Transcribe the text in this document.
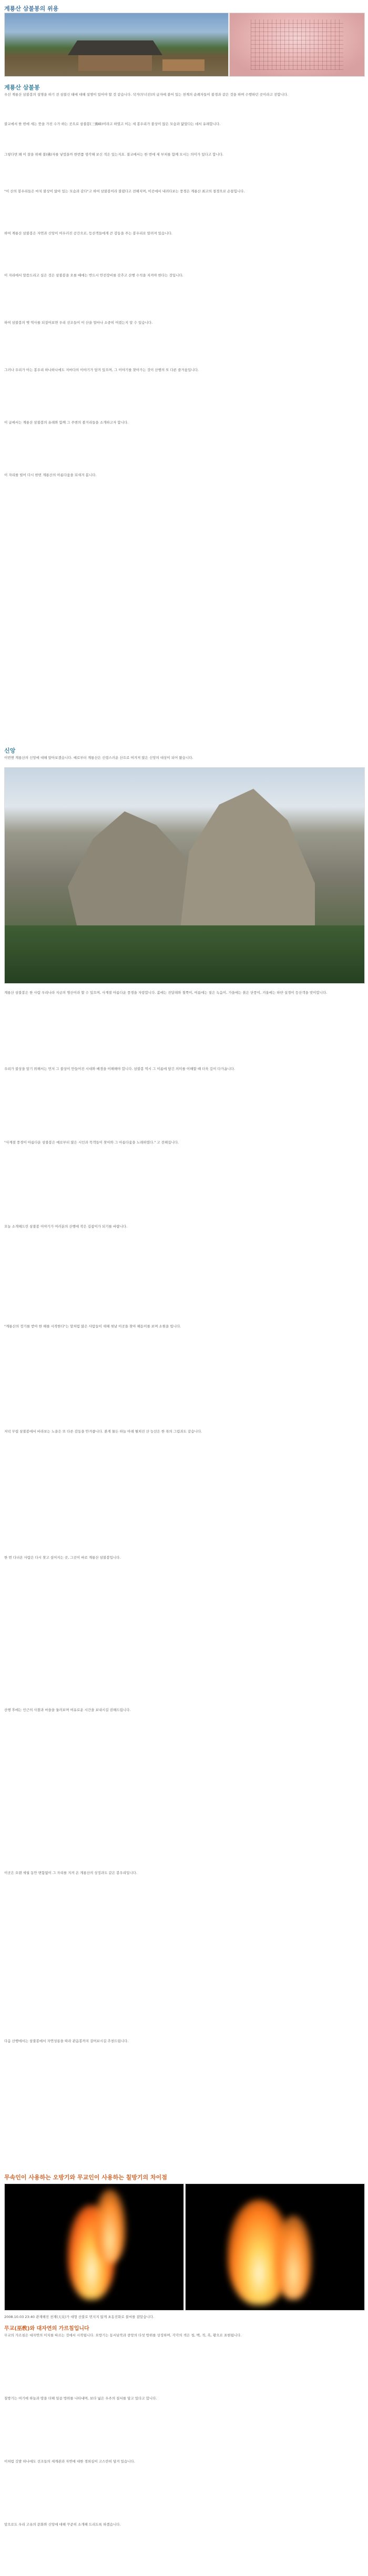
계룡산 삼불봉의 위용
계룡산 삼불봉

우선 계룡산 삼불봉의 설명을 하기 전 삼불신 태에 대해 설명이 있어야 할 것 같습니다. 삭거(무너진)의 글자에 붙어 있는 천계의 순례자들이 불경과 같은 것을 하며 수행하던 곳이라고 전합니다.

불교에서 한 번에 세는 뜻을 가진 수가 하는 곳으로 삼불봉(三佛峰)이라고 하였고 이는 세 봉우리가 불상이 앉은 모습과 닮았다는 데서 유래합니다.

그렇다면 왜 이 잘을 위해 불(佛)자를 넣었을까 한번쯤 생각해 보신 적은 있는지요. 불교에서는 한 번에 세 부처를 함께 모시는 의미가 있다고 합니다.

"이 산의 봉우리들은 마치 불상이 앉아 있는 모습과 같다"고 하여 삼불봉이라 불렸다고 전해지며, 이곳에서 내려다보는 풍경은 계룡산 최고의 절경으로 손꼽힙니다.

하여 계룡산 삼불봉은 자연과 신앙이 어우러진 공간으로, 등산객들에게 큰 감동을 주는 봉우리로 알려져 있습니다.

이 자리에서 말씀드리고 싶은 것은 삼불봉을 오를 때에는 반드시 안전장비를 갖추고 산행 수칙을 지켜야 한다는 것입니다.

하여 삼불봉의 옛 역사를 되짚어보면 우리 선조들이 이 산을 얼마나 소중히 여겼는지 알 수 있습니다.

그러나 우리가 아는 봉우리 하나하나에도 저마다의 이야기가 담겨 있으며, 그 이야기를 찾아가는 것이 산행의 또 다른 즐거움입니다.

이 글에서는 계룡산 삼불봉의 유래와 함께 그 주변의 볼거리들을 소개하고자 합니다.

이 자리를 빌어 다시 한번 계룡산의 아름다움을 되새겨 봅니다.

신앙

이번엔 계룡산의 신앙에 대해 알아보겠습니다. 예로부터 계룡산은 신령스러운 산으로 여겨져 많은 신앙의 대상이 되어 왔습니다.

계룡산 삼불봉은 한 사람 우리나라 지금의 명산이라 할 수 있으며, 사계절 아름다운 풍경을 자랑합니다. 봄에는 진달래와 철쭉이, 여름에는 짙은 녹음이, 가을에는 붉은 단풍이, 겨울에는 하얀 설경이 등산객을 맞이합니다.

우리가 불상을 알기 위해서는 먼저 그 불상이 만들어진 시대와 배경을 이해해야 합니다. 삼불봉 역시 그 이름에 담긴 의미를 이해할 때 더욱 깊이 다가옵니다.

"사계절 풍경이 아름다운 삼불봉은 예로부터 많은 시인과 묵객들이 찾아와 그 아름다움을 노래하였다." 고 전해집니다.

오늘 소개해드린 삼불봉 이야기가 여러분의 산행에 작은 길잡이가 되기를 바랍니다.

"계룡산의 정기를 받아 한 해를 시작한다"는 말처럼 많은 사람들이 새해 첫날 이곳을 찾아 해돋이를 보며 소원을 빕니다.

저녁 무렵 삼불봉에서 바라보는 노을은 또 다른 감동을 안겨줍니다. 붉게 물든 하늘 아래 펼쳐진 산 능선은 한 폭의 그림과도 같습니다.

한 번 다녀온 사람은 다시 찾고 싶어지는 곳, 그곳이 바로 계룡산 삼불봉입니다.

산행 후에는 인근의 사찰과 마을을 둘러보며 여유로운 시간을 보내시길 권해드립니다.

이곳은 오랜 세월 동안 변함없이 그 자리를 지켜 온 계룡산의 상징과도 같은 봉우리입니다.

다음 산행에서는 삼불봉에서 자연성릉을 따라 관음봉까지 걸어보시길 추천드립니다.

무속인이 사용하는 오방기와 무교인이 사용하는 칠방기의 차이점
2008.10.03 23:40 관재해진 천재(天災)가 대형 산불로 번지지 않게 초동진화로 불씨를 잡았습니다.
무교(巫敎)와 대자연의 가르침입니다

무교의 가르침은 대자연의 이치를 따르는 것에서 시작됩니다. 오방기는 동서남북과 중앙의 다섯 방위를 상징하며, 각각의 색은 청, 백, 적, 흑, 황으로 표현됩니다.

칠방기는 여기에 하늘과 땅을 더해 일곱 방위를 나타내며, 보다 넓은 우주의 질서를 담고 있다고 합니다.

이처럼 깃발 하나에도 선조들의 세계관과 자연에 대한 경외심이 고스란히 담겨 있습니다.

앞으로도 우리 고유의 문화와 신앙에 대해 꾸준히 소개해 드리도록 하겠습니다.
